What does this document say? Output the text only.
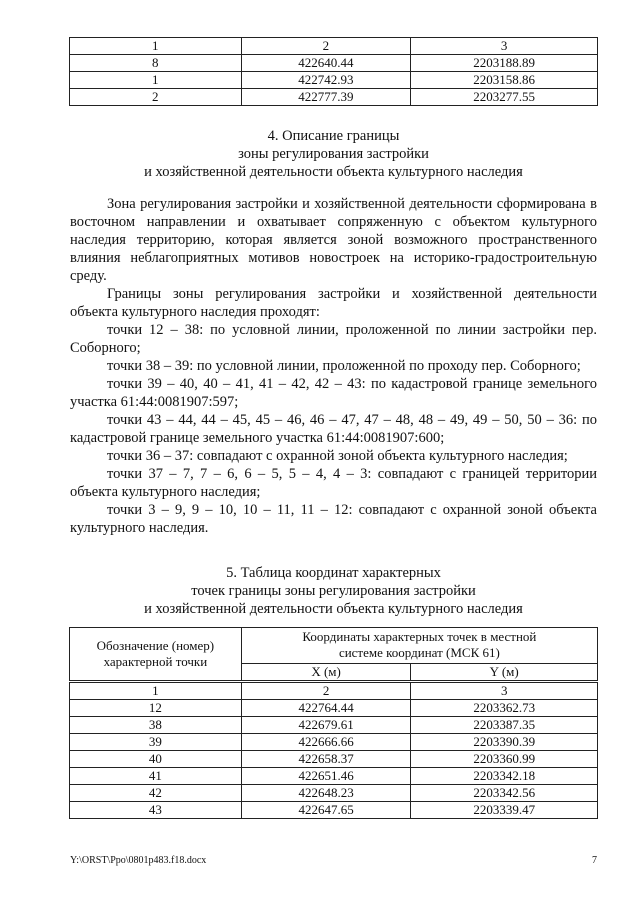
1	2	3
8	422640.44	2203188.89
1	422742.93	2203158.86
2	422777.39	2203277.55
4. Описание границы
зоны регулирования застройки
и хозяйственной деятельности объекта культурного наследия

Зона регулирования застройки и хозяйственной деятельности сформирована в восточном направлении и охватывает сопряженную с объектом культурного наследия территорию, которая является зоной возможного пространственного влияния неблагоприятных мотивов новостроек на историко-градостроительную среду.

Границы зоны регулирования застройки и хозяйственной деятельности объекта культурного наследия проходят:

точки 12 – 38: по условной линии, проложенной по линии застройки пер. Соборного;

точки 38 – 39: по условной линии, проложенной по проходу пер. Соборного;

точки 39 – 40, 40 – 41, 41 – 42, 42 – 43: по кадастровой границе земельного участка 61:44:0081907:597;

точки 43 – 44, 44 – 45, 45 – 46, 46 – 47, 47 – 48, 48 – 49, 49 – 50, 50 – 36: по кадастровой границе земельного участка 61:44:0081907:600;

точки 36 – 37: совпадают с охранной зоной объекта культурного наследия;

точки 37 – 7, 7 – 6, 6 – 5, 5 – 4, 4 – 3: совпадают с границей территории объекта культурного наследия;

точки 3 – 9, 9 – 10, 10 – 11, 11 – 12: совпадают с охранной зоной объекта культурного наследия.

5. Таблица координат характерных
точек границы зоны регулирования застройки
и хозяйственной деятельности объекта культурного наследия
Обозначение (номер) характерной точки	Координаты характерных точек в местной системе координат (МСК 61)	

	X (м)	Y (м)
1	2	3
12	422764.44	2203362.73
38	422679.61	2203387.35
39	422666.66	2203390.39
40	422658.37	2203360.99
41	422651.46	2203342.18
42	422648.23	2203342.56
43	422647.65	2203339.47
Y:\ORST\Ppo\0801p483.f18.docx	7
